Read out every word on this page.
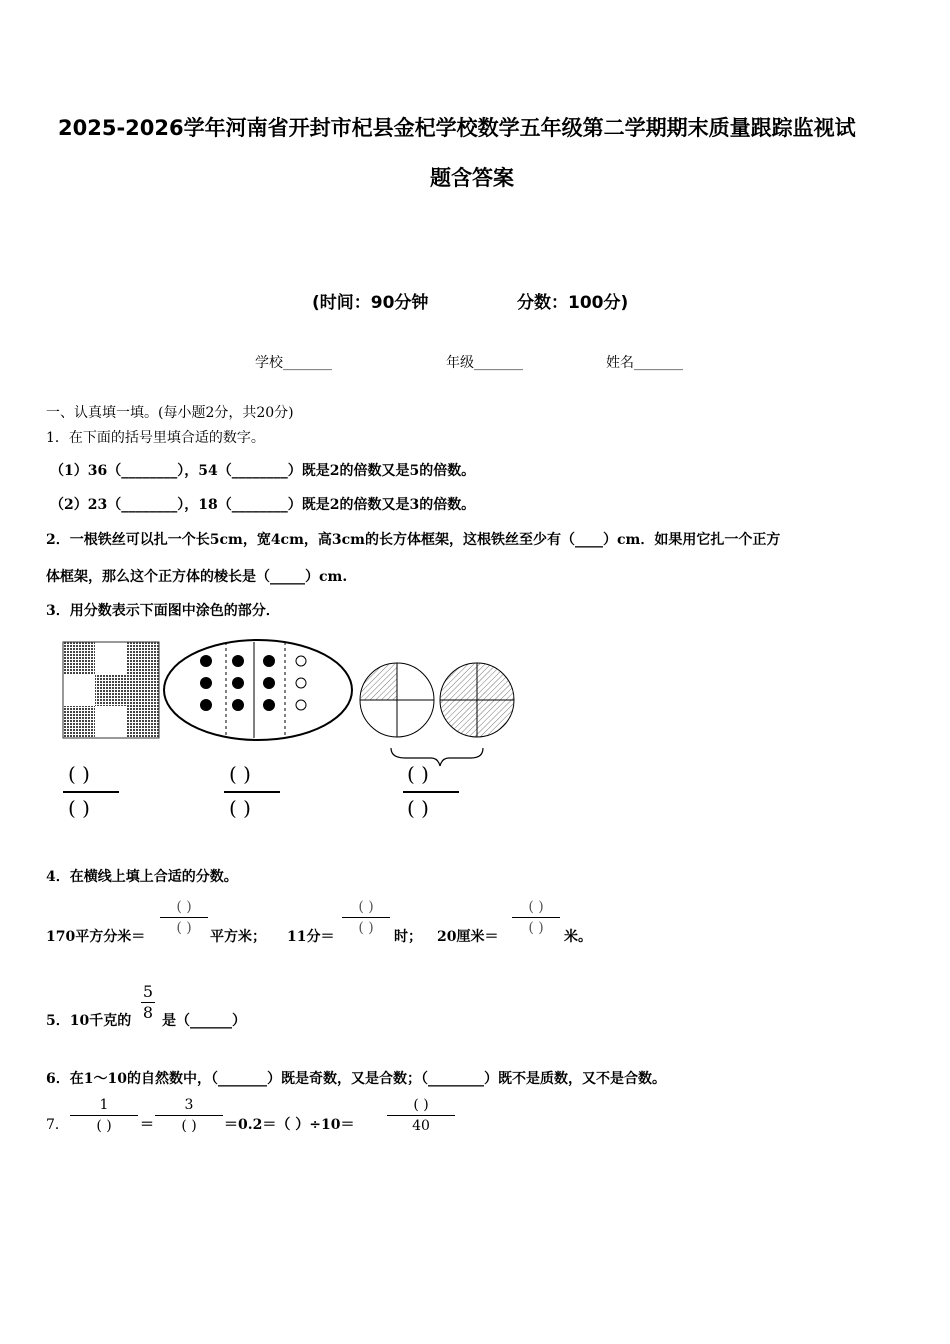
2025-2026学年河南省开封市杞县金杞学校数学五年级第二学期期末质量跟踪监视试
题含答案
(时间：90分钟	分数：100分)
学校_______	年级_______	姓名_______
一、认真填一填。(每小题2分，共20分)
1．在下面的括号里填合适的数字。
（1）36（________），54（________）既是2的倍数又是5的倍数。
（2）23（________），18（________）既是2的倍数又是3的倍数。
2．一根铁丝可以扎一个长5cm，宽4cm，高3cm的长方体框架，这根铁丝至少有（____）cm．如果用它扎一个正方
体框架，那么这个正方体的棱长是（_____）cm.
3．用分数表示下面图中涂色的部分．
( )
( )
( )
( )
( )
( )
4．在横线上填上合适的分数。
170平方分米＝
( )
( )
平方米； 11分＝
( )
( )
时； 20厘米＝
( )
( )
米。
5．10千克的
5
8 是（______）
6．在1～10的自然数中，（_______）既是奇数，又是合数；（________）既不是质数，又不是合数。
7．
1
( )	＝
3
( )	＝0.2＝（ ）÷10＝
( )
40
